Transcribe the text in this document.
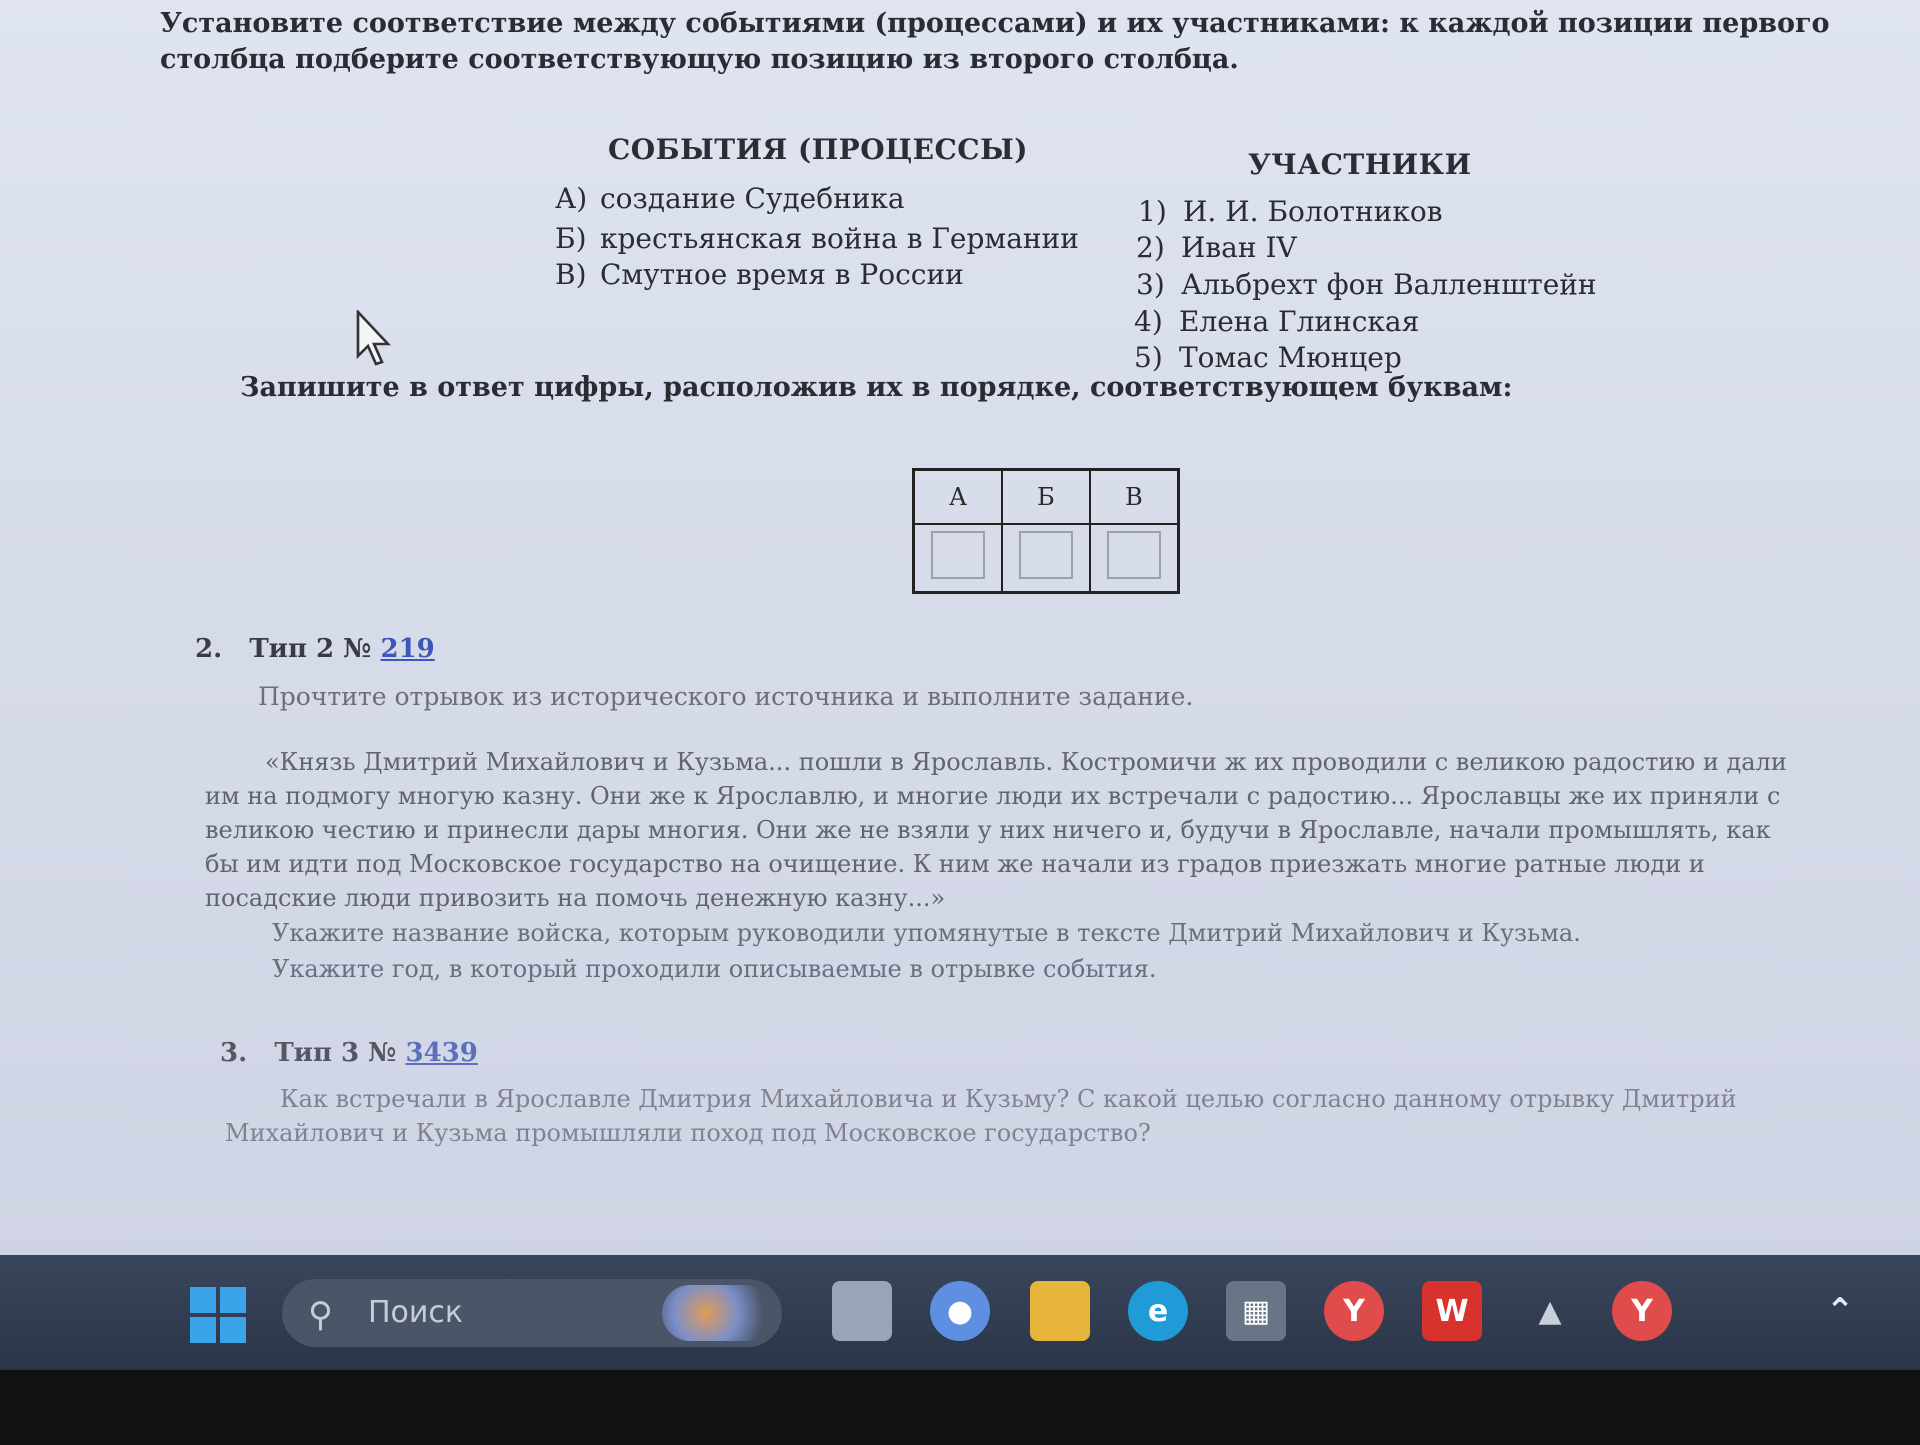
Установите соответствие между событиями (процессами) и их участниками: к каждой позиции первого столбца подберите соответствующую позицию из второго столбца.
СОБЫТИЯ (ПРОЦЕССЫ)	УЧАСТНИКИ
А) создание Судебника
Б) крестьянская война в Германии
В) Смутное время в России
1) И. И. Болотников
2) Иван IV
3) Альбрехт фон Валленштейн
4) Елена Глинская
5) Томас Мюнцер
Запишите в ответ цифры, расположив их в порядке, соответствующем буквам:
А	Б	В

2. Тип 2 № 219
Прочтите отрывок из исторического источника и выполните задание.
«Князь Дмитрий Михайлович и Кузьма... пошли в Ярославль. Костромичи ж их проводили с великою радостию и дали им на подмогу многую казну. Они же к Ярославлю, и многие люди их встречали с радостию... Ярославцы же их приняли с великою честию и принесли дары многия. Они же не взяли у них ничего и, будучи в Ярославле, начали промышлять, как бы им идти под Московское государство на очищение. К ним же начали из градов приезжать многие ратные люди и посадские люди привозить на помочь денежную казну...»
Укажите название войска, которым руководили упомянутые в тексте Дмитрий Михайлович и Кузьма.
Укажите год, в который проходили описываемые в отрывке события.
3. Тип 3 № 3439
Как встречали в Ярославле Дмитрия Михайловича и Кузьму? С какой целью согласно данному отрывку Дмитрий Михайлович и Кузьма промышляли поход под Московское государство?
⚲ Поиск	●	e	▦	Y	W	▲	Y	⌃
